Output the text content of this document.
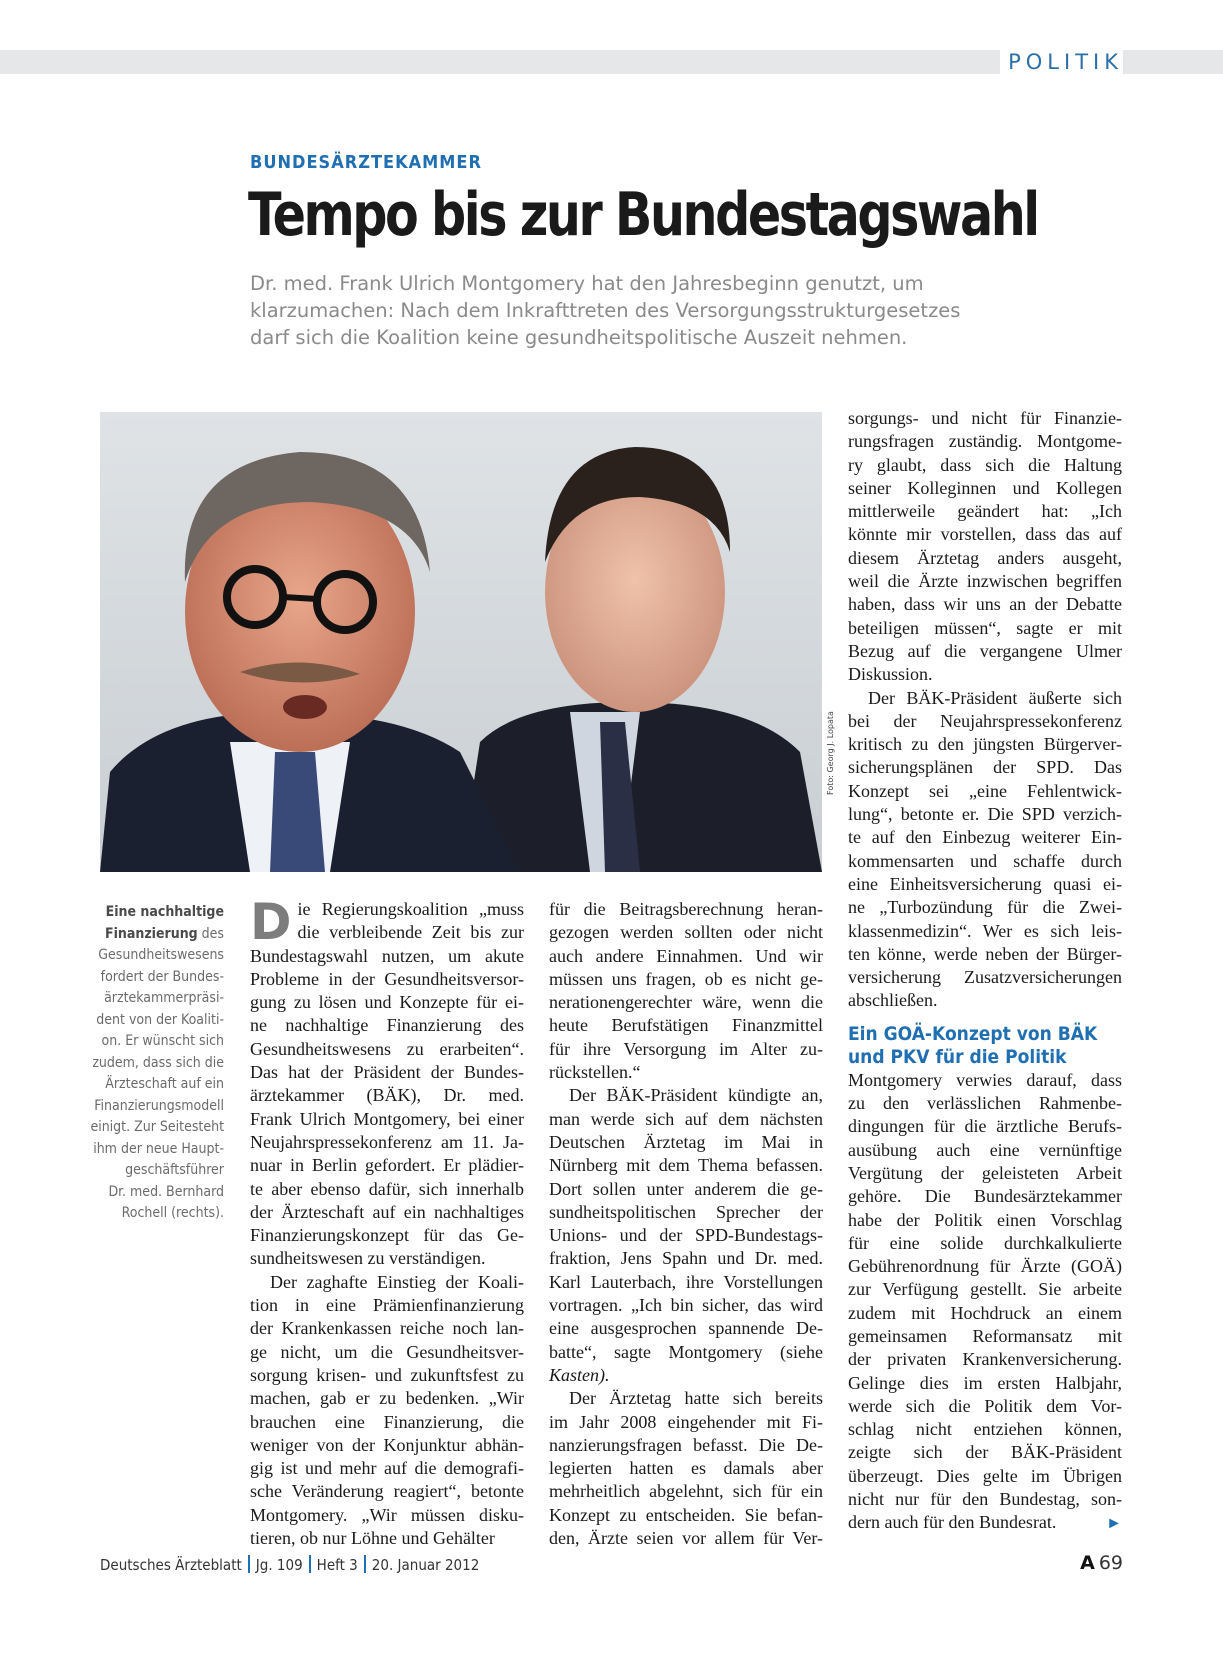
POLITIK
BUNDESÄRZTEKAMMER
Tempo bis zur Bundestagswahl
Dr. med. Frank Ulrich Montgomery hat den Jahresbeginn genutzt, um
klarzumachen: Nach dem Inkrafttreten des Versorgungsstrukturgesetzes
darf sich die Koalition keine gesundheitspolitische Auszeit nehmen.
Foto: Georg J. Lopata
Eine nachhaltige
Finanzierung des
Gesundheitswesens
fordert der Bundes-
ärztekammerpräsi-
dent von der Koaliti-
on. Er wünscht sich
zudem, dass sich die
Ärzteschaft auf ein
Finanzierungsmodell
einigt. Zur Seitesteht
ihm der neue Haupt-
geschäftsführer
Dr. med. Bernhard
Rochell (rechts).
D ie Regierungskoalition „muss
die verbleibende Zeit bis zur
Bundestagswahl nutzen, um akute
Probleme in der Gesundheitsversor-
gung zu lösen und Konzepte für ei-
ne nachhaltige Finanzierung des
Gesundheitswesens zu erarbeiten“.
Das hat der Präsident der Bundes-
ärztekammer (BÄK), Dr. med.
Frank Ulrich Montgomery, bei einer
Neujahrspressekonferenz am 11. Ja-
nuar in Berlin gefordert. Er plädier-
te aber ebenso dafür, sich innerhalb
der Ärzteschaft auf ein nachhaltiges
Finanzierungskonzept für das Ge-
sundheitswesen zu verständigen.
Der zaghafte Einstieg der Koali-
tion in eine Prämienfinanzierung
der Krankenkassen reiche noch lan-
ge nicht, um die Gesundheitsver-
sorgung krisen- und zukunftsfest zu
machen, gab er zu bedenken. „Wir
brauchen eine Finanzierung, die
weniger von der Konjunktur abhän-
gig ist und mehr auf die demografi-
sche Veränderung reagiert“, betonte
Montgomery. „Wir müssen disku-
tieren, ob nur Löhne und Gehälter
für die Beitragsberechnung heran-
gezogen werden sollten oder nicht
auch andere Einnahmen. Und wir
müssen uns fragen, ob es nicht ge-
nerationengerechter wäre, wenn die
heute Berufstätigen Finanzmittel
für ihre Versorgung im Alter zu-
rückstellen.“
Der BÄK-Präsident kündigte an,
man werde sich auf dem nächsten
Deutschen Ärztetag im Mai in
Nürnberg mit dem Thema befassen.
Dort sollen unter anderem die ge-
sundheitspolitischen Sprecher der
Unions- und der SPD-Bundestags-
fraktion, Jens Spahn und Dr. med.
Karl Lauterbach, ihre Vorstellungen
vortragen. „Ich bin sicher, das wird
eine ausgesprochen spannende De-
batte“, sagte Montgomery (siehe
Kasten).
Der Ärztetag hatte sich bereits
im Jahr 2008 eingehender mit Fi-
nanzierungsfragen befasst. Die De-
legierten hatten es damals aber
mehrheitlich abgelehnt, sich für ein
Konzept zu entscheiden. Sie befan-
den, Ärzte seien vor allem für Ver-
sorgungs- und nicht für Finanzie-
rungsfragen zuständig. Montgome-
ry glaubt, dass sich die Haltung
seiner Kolleginnen und Kollegen
mittlerweile geändert hat: „Ich
könnte mir vorstellen, dass das auf
diesem Ärztetag anders ausgeht,
weil die Ärzte inzwischen begriffen
haben, dass wir uns an der Debatte
beteiligen müssen“, sagte er mit
Bezug auf die vergangene Ulmer
Diskussion.
Der BÄK-Präsident äußerte sich
bei der Neujahrspressekonferenz
kritisch zu den jüngsten Bürgerver-
sicherungsplänen der SPD. Das
Konzept sei „eine Fehlentwick-
lung“, betonte er. Die SPD verzich-
te auf den Einbezug weiterer Ein-
kommensarten und schaffe durch
eine Einheitsversicherung quasi ei-
ne „Turbozündung für die Zwei-
klassenmedizin“. Wer es sich leis-
ten könne, werde neben der Bürger-
versicherung Zusatzversicherungen
abschließen.
Ein GOÄ-Konzept von BÄK
und PKV für die Politik
Montgomery verwies darauf, dass
zu den verlässlichen Rahmenbe-
dingungen für die ärztliche Berufs-
ausübung auch eine vernünftige
Vergütung der geleisteten Arbeit
gehöre. Die Bundesärztekammer
habe der Politik einen Vorschlag
für eine solide durchkalkulierte
Gebührenordnung für Ärzte (GOÄ)
zur Verfügung gestellt. Sie arbeite
zudem mit Hochdruck an einem
gemeinsamen Reformansatz mit
der privaten Krankenversicherung.
Gelinge dies im ersten Halbjahr,
werde sich die Politik dem Vor-
schlag nicht entziehen können,
zeigte sich der BÄK-Präsident
überzeugt. Dies gelte im Übrigen
nicht nur für den Bundestag, son-
dern auch für den Bundesrat.	►
Deutsches Ärzteblatt Jg. 109 Heft 3 20. Januar 2012	A 69
